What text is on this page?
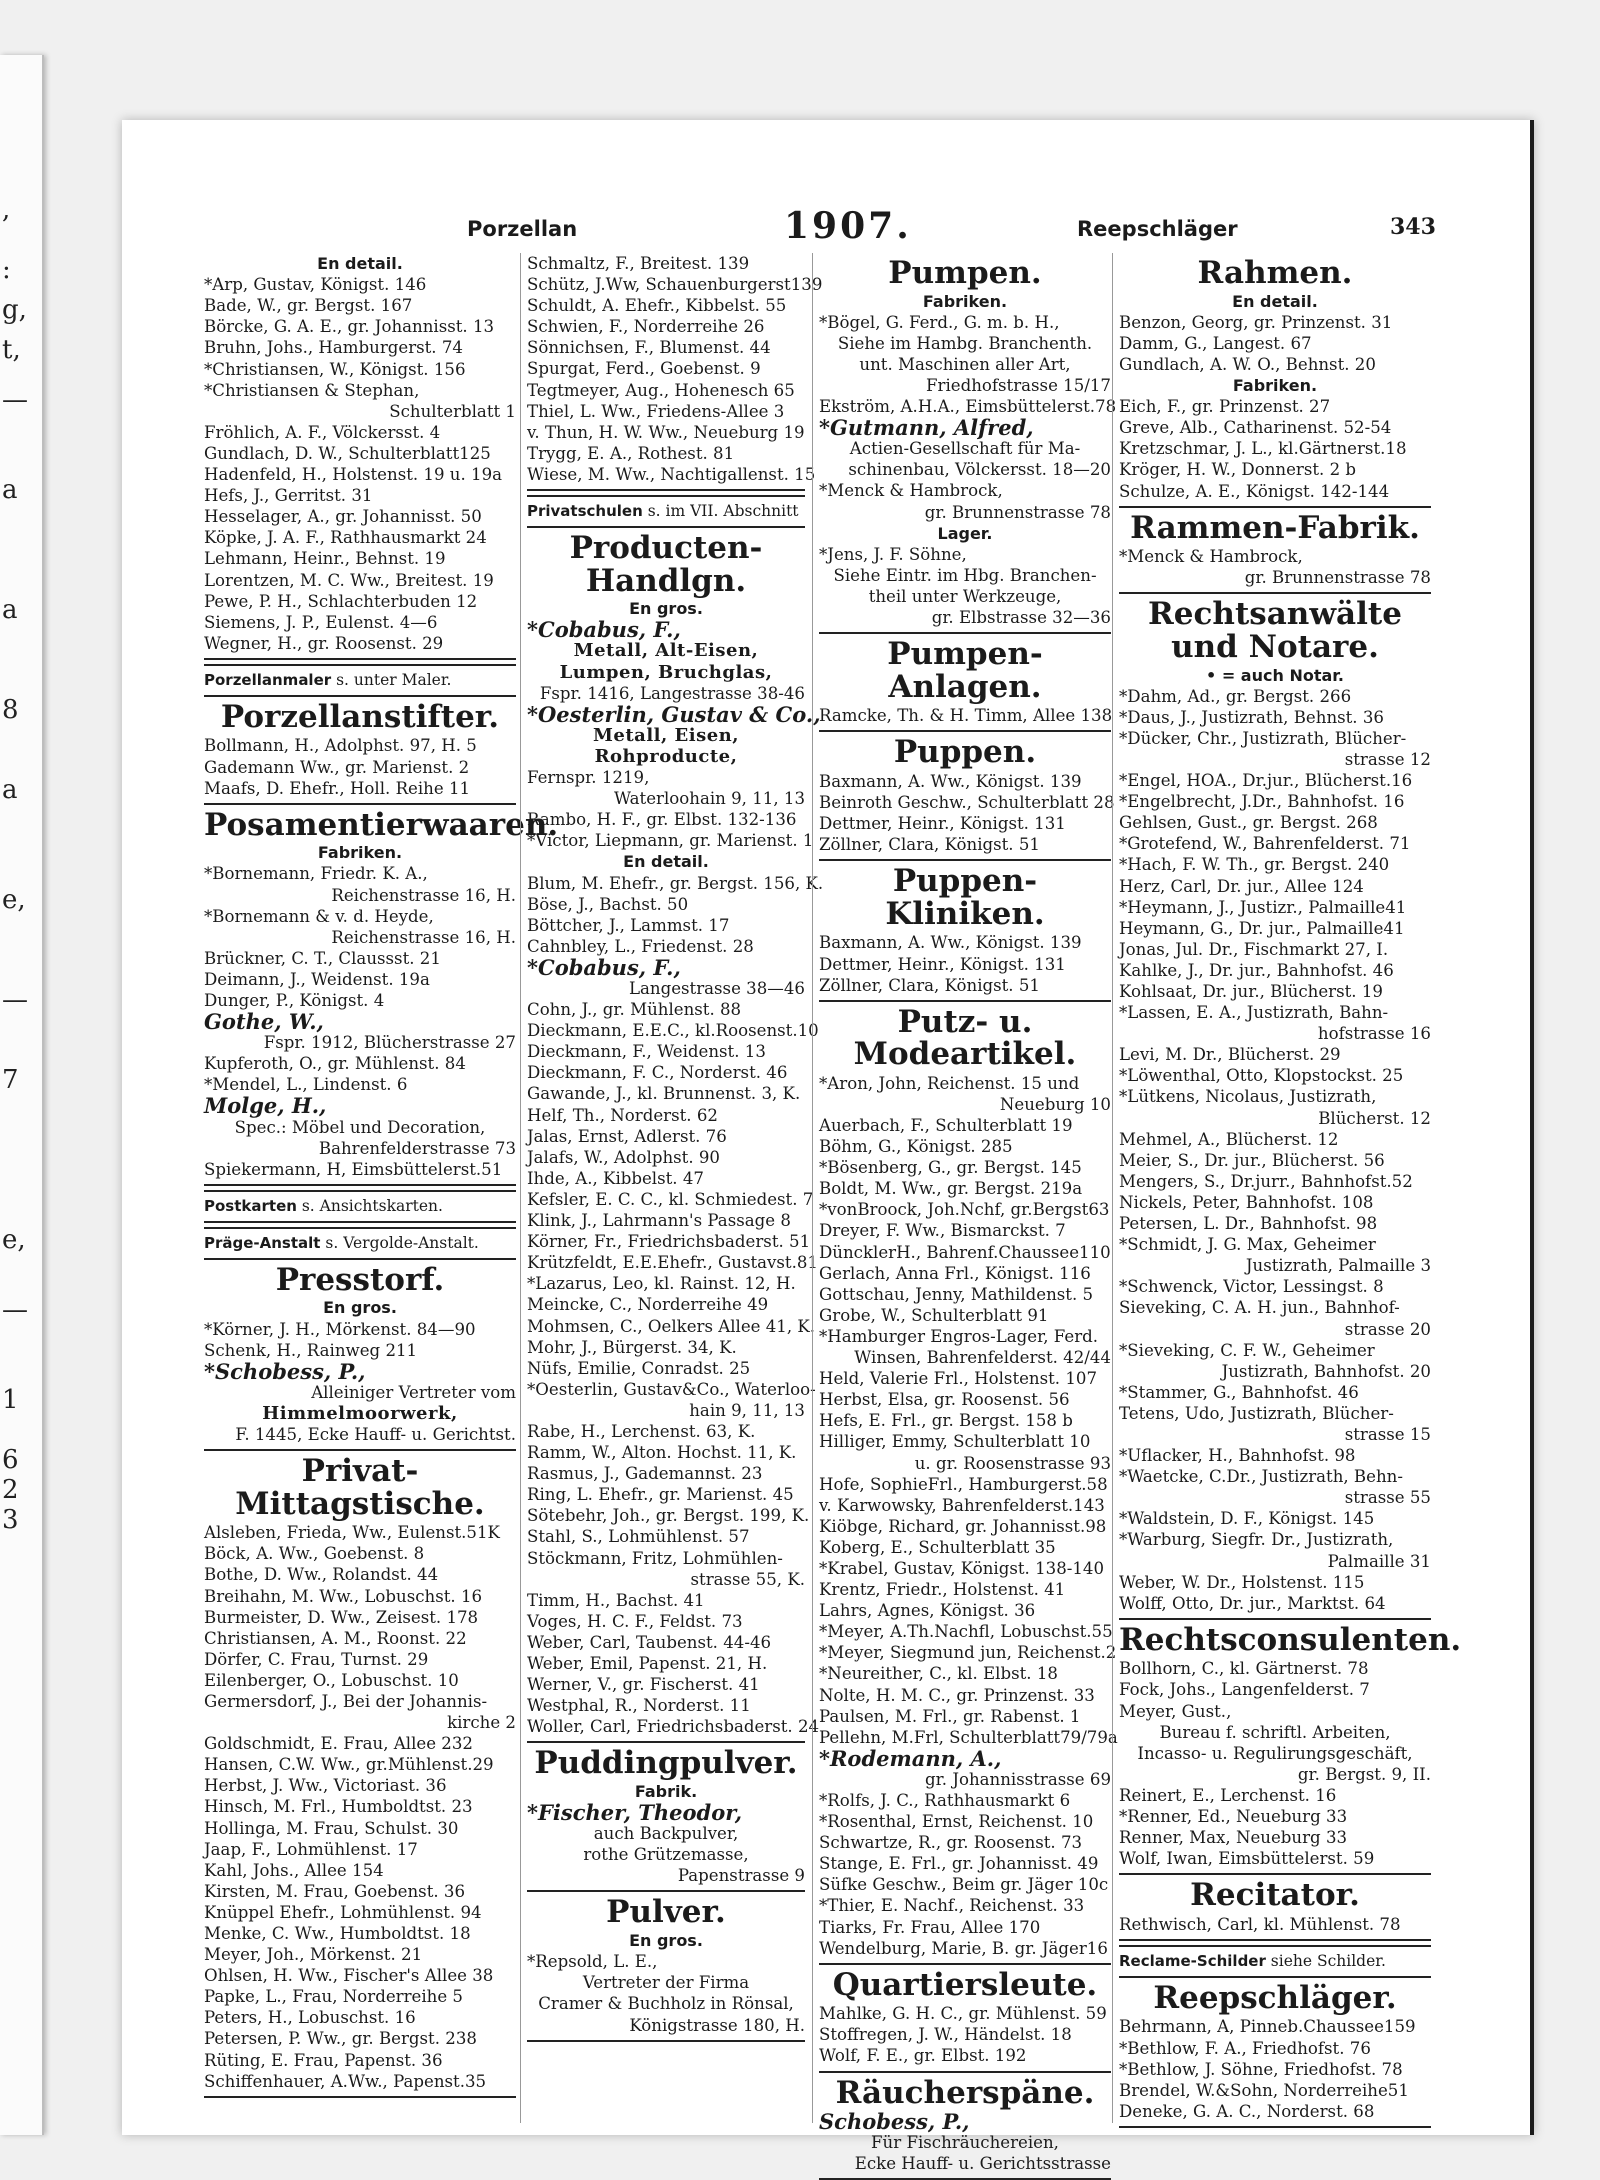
,
:
g,
t,
—
a
a
8
a
e,
—
7
e,
—
1
6
2
3
Porzellan	1907.	Reepschläger	343
En detail.
*Arp, Gustav, Königst. 146
Bade, W., gr. Bergst. 167
Börcke, G. A. E., gr. Johannisst. 13
Bruhn, Johs., Hamburgerst. 74
*Christiansen, W., Königst. 156
*Christiansen & Stephan,
Schulterblatt 1
Fröhlich, A. F., Völckersst. 4
Gundlach, D. W., Schulterblatt125
Hadenfeld, H., Holstenst. 19 u. 19a
Hefs, J., Gerritst. 31
Hesselager, A., gr. Johannisst. 50
Köpke, J. A. F., Rathhausmarkt 24
Lehmann, Heinr., Behnst. 19
Lorentzen, M. C. Ww., Breitest. 19
Pewe, P. H., Schlachterbuden 12
Siemens, J. P., Eulenst. 4—6
Wegner, H., gr. Roosenst. 29
Porzellanmaler s. unter Maler.
Porzellanstifter.
Bollmann, H., Adolphst. 97, H. 5
Gademann Ww., gr. Marienst. 2
Maafs, D. Ehefr., Holl. Reihe 11
Posamentierwaaren.
Fabriken.
*Bornemann, Friedr. K. A.,
Reichenstrasse 16, H.
*Bornemann & v. d. Heyde,
Reichenstrasse 16, H.
Brückner, C. T., Claussst. 21
Deimann, J., Weidenst. 19a
Dunger, P., Königst. 4
Gothe, W.,
Fspr. 1912, Blücherstrasse 27
Kupferoth, O., gr. Mühlenst. 84
*Mendel, L., Lindenst. 6
Molge, H.,
Spec.: Möbel und Decoration,
Bahrenfelderstrasse 73
Spiekermann, H, Eimsbüttelerst.51
Postkarten s. Ansichtskarten.
Präge-Anstalt s. Vergolde-Anstalt.
Presstorf.
En gros.
*Körner, J. H., Mörkenst. 84—90
Schenk, H., Rainweg 211
*Schobess, P.,
Alleiniger Vertreter vom
Himmelmoorwerk,
F. 1445, Ecke Hauff- u. Gerichtst.
Privat-Mittagstische.
Alsleben, Frieda, Ww., Eulenst.51K
Böck, A. Ww., Goebenst. 8
Bothe, D. Ww., Rolandst. 44
Breihahn, M. Ww., Lobuschst. 16
Burmeister, D. Ww., Zeisest. 178
Christiansen, A. M., Roonst. 22
Dörfer, C. Frau, Turnst. 29
Eilenberger, O., Lobuschst. 10
Germersdorf, J., Bei der Johannis-
kirche 2
Goldschmidt, E. Frau, Allee 232
Hansen, C.W. Ww., gr.Mühlenst.29
Herbst, J. Ww., Victoriast. 36
Hinsch, M. Frl., Humboldtst. 23
Hollinga, M. Frau, Schulst. 30
Jaap, F., Lohmühlenst. 17
Kahl, Johs., Allee 154
Kirsten, M. Frau, Goebenst. 36
Knüppel Ehefr., Lohmühlenst. 94
Menke, C. Ww., Humboldtst. 18
Meyer, Joh., Mörkenst. 21
Ohlsen, H. Ww., Fischer's Allee 38
Papke, L., Frau, Norderreihe 5
Peters, H., Lobuschst. 16
Petersen, P. Ww., gr. Bergst. 238
Rüting, E. Frau, Papenst. 36
Schiffenhauer, A.Ww., Papenst.35
Schmaltz, F., Breitest. 139
Schütz, J.Ww, Schauenburgerst139
Schuldt, A. Ehefr., Kibbelst. 55
Schwien, F., Norderreihe 26
Sönnichsen, F., Blumenst. 44
Spurgat, Ferd., Goebenst. 9
Tegtmeyer, Aug., Hohenesch 65
Thiel, L. Ww., Friedens-Allee 3
v. Thun, H. W. Ww., Neueburg 19
Trygg, E. A., Rothest. 81
Wiese, M. Ww., Nachtigallenst. 15
Privatschulen s. im VII. Abschnitt
Producten-Handlgn.
En gros.
*Cobabus, F.,
Metall, Alt-Eisen,
Lumpen, Bruchglas,
Fspr. 1416, Langestrasse 38-46
*Oesterlin, Gustav & Co.,
Metall, Eisen,
Rohproducte,
Fernspr. 1219,
Waterloohain 9, 11, 13
Rambo, H. F., gr. Elbst. 132-136
*Victor, Liepmann, gr. Marienst. 1
En detail.
Blum, M. Ehefr., gr. Bergst. 156, K.
Böse, J., Bachst. 50
Böttcher, J., Lammst. 17
Cahnbley, L., Friedenst. 28
*Cobabus, F.,
Langestrasse 38—46
Cohn, J., gr. Mühlenst. 88
Dieckmann, E.E.C., kl.Roosenst.10
Dieckmann, F., Weidenst. 13
Dieckmann, F. C., Norderst. 46
Gawande, J., kl. Brunnenst. 3, K.
Helf, Th., Norderst. 62
Jalas, Ernst, Adlerst. 76
Jalafs, W., Adolphst. 90
Ihde, A., Kibbelst. 47
Kefsler, E. C. C., kl. Schmiedest. 7
Klink, J., Lahrmann's Passage 8
Körner, Fr., Friedrichsbaderst. 51
Krützfeldt, E.E.Ehefr., Gustavst.81
*Lazarus, Leo, kl. Rainst. 12, H.
Meincke, C., Norderreihe 49
Mohmsen, C., Oelkers Allee 41, K.
Mohr, J., Bürgerst. 34, K.
Nüfs, Emilie, Conradst. 25
*Oesterlin, Gustav&Co., Waterloo-
hain 9, 11, 13
Rabe, H., Lerchenst. 63, K.
Ramm, W., Alton. Hochst. 11, K.
Rasmus, J., Gademannst. 23
Ring, L. Ehefr., gr. Marienst. 45
Sötebehr, Joh., gr. Bergst. 199, K.
Stahl, S., Lohmühlenst. 57
Stöckmann, Fritz, Lohmühlen-
strasse 55, K.
Timm, H., Bachst. 41
Voges, H. C. F., Feldst. 73
Weber, Carl, Taubenst. 44-46
Weber, Emil, Papenst. 21, H.
Werner, V., gr. Fischerst. 41
Westphal, R., Norderst. 11
Woller, Carl, Friedrichsbaderst. 24
Puddingpulver.
Fabrik.
*Fischer, Theodor,
auch Backpulver,
rothe Grützemasse,
Papenstrasse 9
Pulver.
En gros.
*Repsold, L. E.,
Vertreter der Firma
Cramer & Buchholz in Rönsal,
Königstrasse 180, H.
Pumpen.
Fabriken.
*Bögel, G. Ferd., G. m. b. H.,
Siehe im Hambg. Branchenth.
unt. Maschinen aller Art,
Friedhofstrasse 15/17
Ekström, A.H.A., Eimsbüttelerst.78
*Gutmann, Alfred,
Actien-Gesellschaft für Ma-
schinenbau, Völckersst. 18—20
*Menck & Hambrock,
gr. Brunnenstrasse 78
Lager.
*Jens, J. F. Söhne,
Siehe Eintr. im Hbg. Branchen-
theil unter Werkzeuge,
gr. Elbstrasse 32—36
Pumpen-Anlagen.
Ramcke, Th. & H. Timm, Allee 138
Puppen.
Baxmann, A. Ww., Königst. 139
Beinroth Geschw., Schulterblatt 28
Dettmer, Heinr., Königst. 131
Zöllner, Clara, Königst. 51
Puppen-Kliniken.
Baxmann, A. Ww., Königst. 139
Dettmer, Heinr., Königst. 131
Zöllner, Clara, Königst. 51
Putz- u. Modeartikel.
*Aron, John, Reichenst. 15 und
Neueburg 10
Auerbach, F., Schulterblatt 19
Böhm, G., Königst. 285
*Bösenberg, G., gr. Bergst. 145
Boldt, M. Ww., gr. Bergst. 219a
*vonBroock, Joh.Nchf, gr.Bergst63
Dreyer, F. Ww., Bismarckst. 7
DüncklerH., Bahrenf.Chaussee110
Gerlach, Anna Frl., Königst. 116
Gottschau, Jenny, Mathildenst. 5
Grobe, W., Schulterblatt 91
*Hamburger Engros-Lager, Ferd.
Winsen, Bahrenfelderst. 42/44
Held, Valerie Frl., Holstenst. 107
Herbst, Elsa, gr. Roosenst. 56
Hefs, E. Frl., gr. Bergst. 158 b
Hilliger, Emmy, Schulterblatt 10
u. gr. Roosenstrasse 93
Hofe, SophieFrl., Hamburgerst.58
v. Karwowsky, Bahrenfelderst.143
Kiöbge, Richard, gr. Johannisst.98
Koberg, E., Schulterblatt 35
*Krabel, Gustav, Königst. 138-140
Krentz, Friedr., Holstenst. 41
Lahrs, Agnes, Königst. 36
*Meyer, A.Th.Nachfl, Lobuschst.55
*Meyer, Siegmund jun, Reichenst.2
*Neureither, C., kl. Elbst. 18
Nolte, H. M. C., gr. Prinzenst. 33
Paulsen, M. Frl., gr. Rabenst. 1
Pellehn, M.Frl, Schulterblatt79/79a
*Rodemann, A.,
gr. Johannisstrasse 69
*Rolfs, J. C., Rathhausmarkt 6
*Rosenthal, Ernst, Reichenst. 10
Schwartze, R., gr. Roosenst. 73
Stange, E. Frl., gr. Johannisst. 49
Süfke Geschw., Beim gr. Jäger 10c
*Thier, E. Nachf., Reichenst. 33
Tiarks, Fr. Frau, Allee 170
Wendelburg, Marie, B. gr. Jäger16
Quartiersleute.
Mahlke, G. H. C., gr. Mühlenst. 59
Stoffregen, J. W., Händelst. 18
Wolf, F. E., gr. Elbst. 192
Räucherspäne.
Schobess, P.,
Für Fischräuchereien,
Ecke Hauff- u. Gerichtsstrasse
Rahmen.
En detail.
Benzon, Georg, gr. Prinzenst. 31
Damm, G., Langest. 67
Gundlach, A. W. O., Behnst. 20
Fabriken.
Eich, F., gr. Prinzenst. 27
Greve, Alb., Catharinenst. 52-54
Kretzschmar, J. L., kl.Gärtnerst.18
Kröger, H. W., Donnerst. 2 b
Schulze, A. E., Königst. 142-144
Rammen-Fabrik.
*Menck & Hambrock,
gr. Brunnenstrasse 78
Rechtsanwälte und Notare.
• = auch Notar.
*Dahm, Ad., gr. Bergst. 266
*Daus, J., Justizrath, Behnst. 36
*Dücker, Chr., Justizrath, Blücher-
strasse 12
*Engel, HOA., Dr.jur., Blücherst.16
*Engelbrecht, J.Dr., Bahnhofst. 16
Gehlsen, Gust., gr. Bergst. 268
*Grotefend, W., Bahrenfelderst. 71
*Hach, F. W. Th., gr. Bergst. 240
Herz, Carl, Dr. jur., Allee 124
*Heymann, J., Justizr., Palmaille41
Heymann, G., Dr. jur., Palmaille41
Jonas, Jul. Dr., Fischmarkt 27, I.
Kahlke, J., Dr. jur., Bahnhofst. 46
Kohlsaat, Dr. jur., Blücherst. 19
*Lassen, E. A., Justizrath, Bahn-
hofstrasse 16
Levi, M. Dr., Blücherst. 29
*Löwenthal, Otto, Klopstockst. 25
*Lütkens, Nicolaus, Justizrath,
Blücherst. 12
Mehmel, A., Blücherst. 12
Meier, S., Dr. jur., Blücherst. 56
Mengers, S., Dr.jurr., Bahnhofst.52
Nickels, Peter, Bahnhofst. 108
Petersen, L. Dr., Bahnhofst. 98
*Schmidt, J. G. Max, Geheimer
Justizrath, Palmaille 3
*Schwenck, Victor, Lessingst. 8
Sieveking, C. A. H. jun., Bahnhof-
strasse 20
*Sieveking, C. F. W., Geheimer
Justizrath, Bahnhofst. 20
*Stammer, G., Bahnhofst. 46
Tetens, Udo, Justizrath, Blücher-
strasse 15
*Uflacker, H., Bahnhofst. 98
*Waetcke, C.Dr., Justizrath, Behn-
strasse 55
*Waldstein, D. F., Königst. 145
*Warburg, Siegfr. Dr., Justizrath,
Palmaille 31
Weber, W. Dr., Holstenst. 115
Wolff, Otto, Dr. jur., Marktst. 64
Rechtsconsulenten.
Bollhorn, C., kl. Gärtnerst. 78
Fock, Johs., Langenfelderst. 7
Meyer, Gust.,
Bureau f. schriftl. Arbeiten,
Incasso- u. Regulirungsgeschäft,
gr. Bergst. 9, II.
Reinert, E., Lerchenst. 16
*Renner, Ed., Neueburg 33
Renner, Max, Neueburg 33
Wolf, Iwan, Eimsbüttelerst. 59
Recitator.
Rethwisch, Carl, kl. Mühlenst. 78
Reclame-Schilder siehe Schilder.
Reepschläger.
Behrmann, A, Pinneb.Chaussee159
*Bethlow, F. A., Friedhofst. 76
*Bethlow, J. Söhne, Friedhofst. 78
Brendel, W.&Sohn, Norderreihe51
Deneke, G. A. C., Norderst. 68
